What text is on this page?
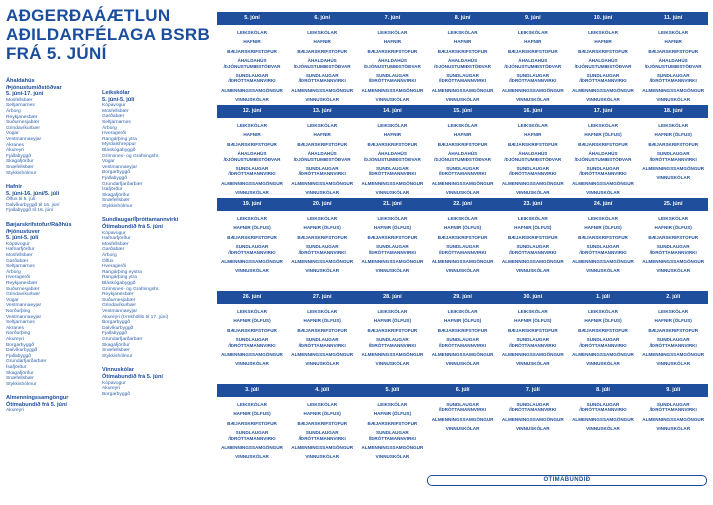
AÐGERÐAÁÆTLUN
AÐILDARFÉLAGA BSRB
FRÁ 5. JÚNÍ
Áhaldahús
/Þjónustumiðstöðvar
5. júní-17. júní
Mosfellsbær
Seltjarnarnes
Árborg
Reykjanesbær
Suðurnesjabær
Grindavíkurbær
Vogar
Vestmannaeyjar
Akranes
Akureyri
Fjallabyggð
Skagafjörður
Snæfellsbær
Stykkishólmur
Hafnir
5. júní-16. júní/5. júlí
Ölfus til 5. júlí
Dalvíkurbyggð til 16. júní
Fjallabyggð til 16. júní
Bæjarskrifstofur/Ráðhús
/Þjónustuver
5. júní-5. júlí
Kópavogur
Hafnarfjörður
Mosfellsbær
Garðabær
Seltjarnarnes
Árborg
Hveragerði
Reykjanesbær
Suðurnesjabær
Grindavíkurbær
Vogar
Vestmannaeyjar
Norðurþing
Vestmannaeyjar
Seltjarnarnes
Akranes
Norðurþing
Akureyri
Borgarbyggð
Dalvíkurbyggð
Fjallabyggð
Grundarfjarðarbær
Ísafjörður
Skagafjörður
Snæfellsbær
Stykkishólmur
Almenningssamgöngur
Ótímabundið frá 5. júní
Akureyri
Leikskólar
5. júní-5. júlí
Kópavogur
Mosfellsbær
Garðabær
Seltjarnarnes
Árborg
Hveragerði
Rangárþing ytra
Mýrdalshreppur
Bláskógabyggð
Grímsnes- og Grafningshr.
Vogar
Vestmannaeyjar
Borgarbyggð
Fjallabyggð
Grundarfjarðarbær
Ísafjörður
Skagafjörður
Snæfellsbær
Stykkishólmur
Sundlaugar/Íþróttamannvirki
Ótímabundið frá 5. júní
Kópavogur
Hafnarfjörður
Mosfellsbær
Garðabær
Árborg
Ölfus
Hveragerði
Rangárþing eystra
Rangárþing ytra
Bláskógabyggð
Grímsnes- og Grafningshr.
Reykjanesbær
Suðurnesjabær
Grindavíkurbær
Vestmannaeyjar
Akureyri (Þrekhöllin til 17. júní)
Borgarbyggð
Dalvíkurbyggð
Fjallabyggð
Grundarfjarðarbær
Skagafjörður
Snæfellsbær
Stykkishólmur
Vinnuskólar
Ótímabundið frá 5. júní
Kópavogur
Akureyri
Borgarbyggð
5. júní
LEIKSKÓLAR
HAFNIR
BÆJARSKRIFSTOFUR
ÁHALDAHÚS
/ÞJÓNUSTUMIÐSTÖÐVAR
SUNDLAUGAR
/ÍÞRÓTTAMANNVIRKI
ALMENNINGSSAMGÖNGUR
VINNUSKÓLAR
6. júní
LEIKSKÓLAR
HAFNIR
BÆJARSKRIFSTOFUR
ÁHALDAHÚS
/ÞJÓNUSTUMIÐSTÖÐVAR
SUNDLAUGAR
/ÍÞRÓTTAMANNVIRKI
ALMENNINGSSAMGÖNGUR
VINNUSKÓLAR
7. júní
LEIKSKÓLAR
HAFNIR
BÆJARSKRIFSTOFUR
ÁHALDAHÚS
/ÞJÓNUSTUMIÐSTÖÐVAR
SUNDLAUGAR
/ÍÞRÓTTAMANNVIRKI
ALMENNINGSSAMGÖNGUR
VINNUSKÓLAR
8. júní
LEIKSKÓLAR
HAFNIR
BÆJARSKRIFSTOFUR
ÁHALDAHÚS
/ÞJÓNUSTUMIÐSTÖÐVAR
SUNDLAUGAR
/ÍÞRÓTTAMANNVIRKI
ALMENNINGSSAMGÖNGUR
VINNUSKÓLAR
9. júní
LEIKSKÓLAR
HAFNIR
BÆJARSKRIFSTOFUR
ÁHALDAHÚS
/ÞJÓNUSTUMIÐSTÖÐVAR
SUNDLAUGAR
/ÍÞRÓTTAMANNVIRKI
ALMENNINGSSAMGÖNGUR
VINNUSKÓLAR
10. júní
LEIKSKÓLAR
HAFNIR
BÆJARSKRIFSTOFUR
ÁHALDAHÚS
/ÞJÓNUSTUMIÐSTÖÐVAR
SUNDLAUGAR
/ÍÞRÓTTAMANNVIRKI
ALMENNINGSSAMGÖNGUR
VINNUSKÓLAR
11. júní
LEIKSKÓLAR
HAFNIR
BÆJARSKRIFSTOFUR
ÁHALDAHÚS
/ÞJÓNUSTUMIÐSTÖÐVAR
SUNDLAUGAR
/ÍÞRÓTTAMANNVIRKI
ALMENNINGSSAMGÖNGUR
VINNUSKÓLAR
12. júní
LEIKSKÓLAR
HAFNIR
BÆJARSKRIFSTOFUR
ÁHALDAHÚS
/ÞJÓNUSTUMIÐSTÖÐVAR
SUNDLAUGAR
/ÍÞRÓTTAMANNVIRKI
ALMENNINGSSAMGÖNGUR
VINNUSKÓLAR
13. júní
LEIKSKÓLAR
HAFNIR
BÆJARSKRIFSTOFUR
ÁHALDAHÚS
/ÞJÓNUSTUMIÐSTÖÐVAR
SUNDLAUGAR
/ÍÞRÓTTAMANNVIRKI
ALMENNINGSSAMGÖNGUR
VINNUSKÓLAR
14. júní
LEIKSKÓLAR
HAFNIR
BÆJARSKRIFSTOFUR
ÁHALDAHÚS
/ÞJÓNUSTUMIÐSTÖÐVAR
SUNDLAUGAR
/ÍÞRÓTTAMANNVIRKI
ALMENNINGSSAMGÖNGUR
VINNUSKÓLAR
15. júní
LEIKSKÓLAR
HAFNIR
BÆJARSKRIFSTOFUR
ÁHALDAHÚS
/ÞJÓNUSTUMIÐSTÖÐVAR
SUNDLAUGAR
/ÍÞRÓTTAMANNVIRKI
ALMENNINGSSAMGÖNGUR
VINNUSKÓLAR
16. júní
LEIKSKÓLAR
HAFNIR
BÆJARSKRIFSTOFUR
ÁHALDAHÚS
/ÞJÓNUSTUMIÐSTÖÐVAR
SUNDLAUGAR
/ÍÞRÓTTAMANNVIRKI
ALMENNINGSSAMGÖNGUR
VINNUSKÓLAR
17. júní
LEIKSKÓLAR
HAFNIR (ÖLFUS)
BÆJARSKRIFSTOFUR
ÁHALDAHÚS
/ÞJÓNUSTUMIÐSTÖÐVAR
SUNDLAUGAR
/ÍÞRÓTTAMANNVIRKI
ALMENNINGSSAMGÖNGUR
VINNUSKÓLAR
18. júní
LEIKSKÓLAR
HAFNIR (ÖLFUS)
BÆJARSKRIFSTOFUR
SUNDLAUGAR
/ÍÞRÓTTAMANNVIRKI
ALMENNINGSSAMGÖNGUR
VINNUSKÓLAR
19. júní
LEIKSKÓLAR
HAFNIR (ÖLFUS)
BÆJARSKRIFSTOFUR
SUNDLAUGAR
/ÍÞRÓTTAMANNVIRKI
ALMENNINGSSAMGÖNGUR
VINNUSKÓLAR
20. júní
LEIKSKÓLAR
HAFNIR (ÖLFUS)
BÆJARSKRIFSTOFUR
SUNDLAUGAR
/ÍÞRÓTTAMANNVIRKI
ALMENNINGSSAMGÖNGUR
VINNUSKÓLAR
21. júní
LEIKSKÓLAR
HAFNIR (ÖLFUS)
BÆJARSKRIFSTOFUR
SUNDLAUGAR
/ÍÞRÓTTAMANNVIRKI
ALMENNINGSSAMGÖNGUR
VINNUSKÓLAR
22. júní
LEIKSKÓLAR
HAFNIR (ÖLFUS)
BÆJARSKRIFSTOFUR
SUNDLAUGAR
/ÍÞRÓTTAMANNVIRKI
ALMENNINGSSAMGÖNGUR
VINNUSKÓLAR
23. júní
LEIKSKÓLAR
HAFNIR (ÖLFUS)
BÆJARSKRIFSTOFUR
SUNDLAUGAR
/ÍÞRÓTTAMANNVIRKI
ALMENNINGSSAMGÖNGUR
VINNUSKÓLAR
24. júní
LEIKSKÓLAR
HAFNIR (ÖLFUS)
BÆJARSKRIFSTOFUR
SUNDLAUGAR
/ÍÞRÓTTAMANNVIRKI
ALMENNINGSSAMGÖNGUR
VINNUSKÓLAR
25. júní
LEIKSKÓLAR
HAFNIR (ÖLFUS)
BÆJARSKRIFSTOFUR
SUNDLAUGAR
/ÍÞRÓTTAMANNVIRKI
ALMENNINGSSAMGÖNGUR
VINNUSKÓLAR
26. júní
LEIKSKÓLAR
HAFNIR (ÖLFUS)
BÆJARSKRIFSTOFUR
SUNDLAUGAR
/ÍÞRÓTTAMANNVIRKI
ALMENNINGSSAMGÖNGUR
VINNUSKÓLAR
27. júní
LEIKSKÓLAR
HAFNIR (ÖLFUS)
BÆJARSKRIFSTOFUR
SUNDLAUGAR
/ÍÞRÓTTAMANNVIRKI
ALMENNINGSSAMGÖNGUR
VINNUSKÓLAR
28. júní
LEIKSKÓLAR
HAFNIR (ÖLFUS)
BÆJARSKRIFSTOFUR
SUNDLAUGAR
/ÍÞRÓTTAMANNVIRKI
ALMENNINGSSAMGÖNGUR
VINNUSKÓLAR
29. júní
LEIKSKÓLAR
HAFNIR (ÖLFUS)
BÆJARSKRIFSTOFUR
SUNDLAUGAR
/ÍÞRÓTTAMANNVIRKI
ALMENNINGSSAMGÖNGUR
VINNUSKÓLAR
30. júní
LEIKSKÓLAR
HAFNIR (ÖLFUS)
BÆJARSKRIFSTOFUR
SUNDLAUGAR
/ÍÞRÓTTAMANNVIRKI
ALMENNINGSSAMGÖNGUR
VINNUSKÓLAR
1. júlí
LEIKSKÓLAR
HAFNIR (ÖLFUS)
BÆJARSKRIFSTOFUR
SUNDLAUGAR
/ÍÞRÓTTAMANNVIRKI
ALMENNINGSSAMGÖNGUR
VINNUSKÓLAR
2. júlí
LEIKSKÓLAR
HAFNIR (ÖLFUS)
BÆJARSKRIFSTOFUR
SUNDLAUGAR
/ÍÞRÓTTAMANNVIRKI
ALMENNINGSSAMGÖNGUR
VINNUSKÓLAR
3. júlí
LEIKSKÓLAR
HAFNIR (ÖLFUS)
BÆJARSKRIFSTOFUR
SUNDLAUGAR
/ÍÞRÓTTAMANNVIRKI
ALMENNINGSSAMGÖNGUR
VINNUSKÓLAR
4. júlí
LEIKSKÓLAR
HAFNIR (ÖLFUS)
BÆJARSKRIFSTOFUR
SUNDLAUGAR
/ÍÞRÓTTAMANNVIRKI
ALMENNINGSSAMGÖNGUR
VINNUSKÓLAR
5. júlí
LEIKSKÓLAR
HAFNIR (ÖLFUS)
BÆJARSKRIFSTOFUR
SUNDLAUGAR
/ÍÞRÓTTAMANNVIRKI
ALMENNINGSSAMGÖNGUR
VINNUSKÓLAR
6. júlí
SUNDLAUGAR
/ÍÞRÓTTAMANNVIRKI
ALMENNINGSSAMGÖNGUR
VINNUSKÓLAR
7. júlí
SUNDLAUGAR
/ÍÞRÓTTAMANNVIRKI
ALMENNINGSSAMGÖNGUR
VINNUSKÓLAR
8. júlí
SUNDLAUGAR
/ÍÞRÓTTAMANNVIRKI
ALMENNINGSSAMGÖNGUR
VINNUSKÓLAR
9. júlí
SUNDLAUGAR
/ÍÞRÓTTAMANNVIRKI
ALMENNINGSSAMGÖNGUR
VINNUSKÓLAR
ÓTÍMABUNDIÐ
